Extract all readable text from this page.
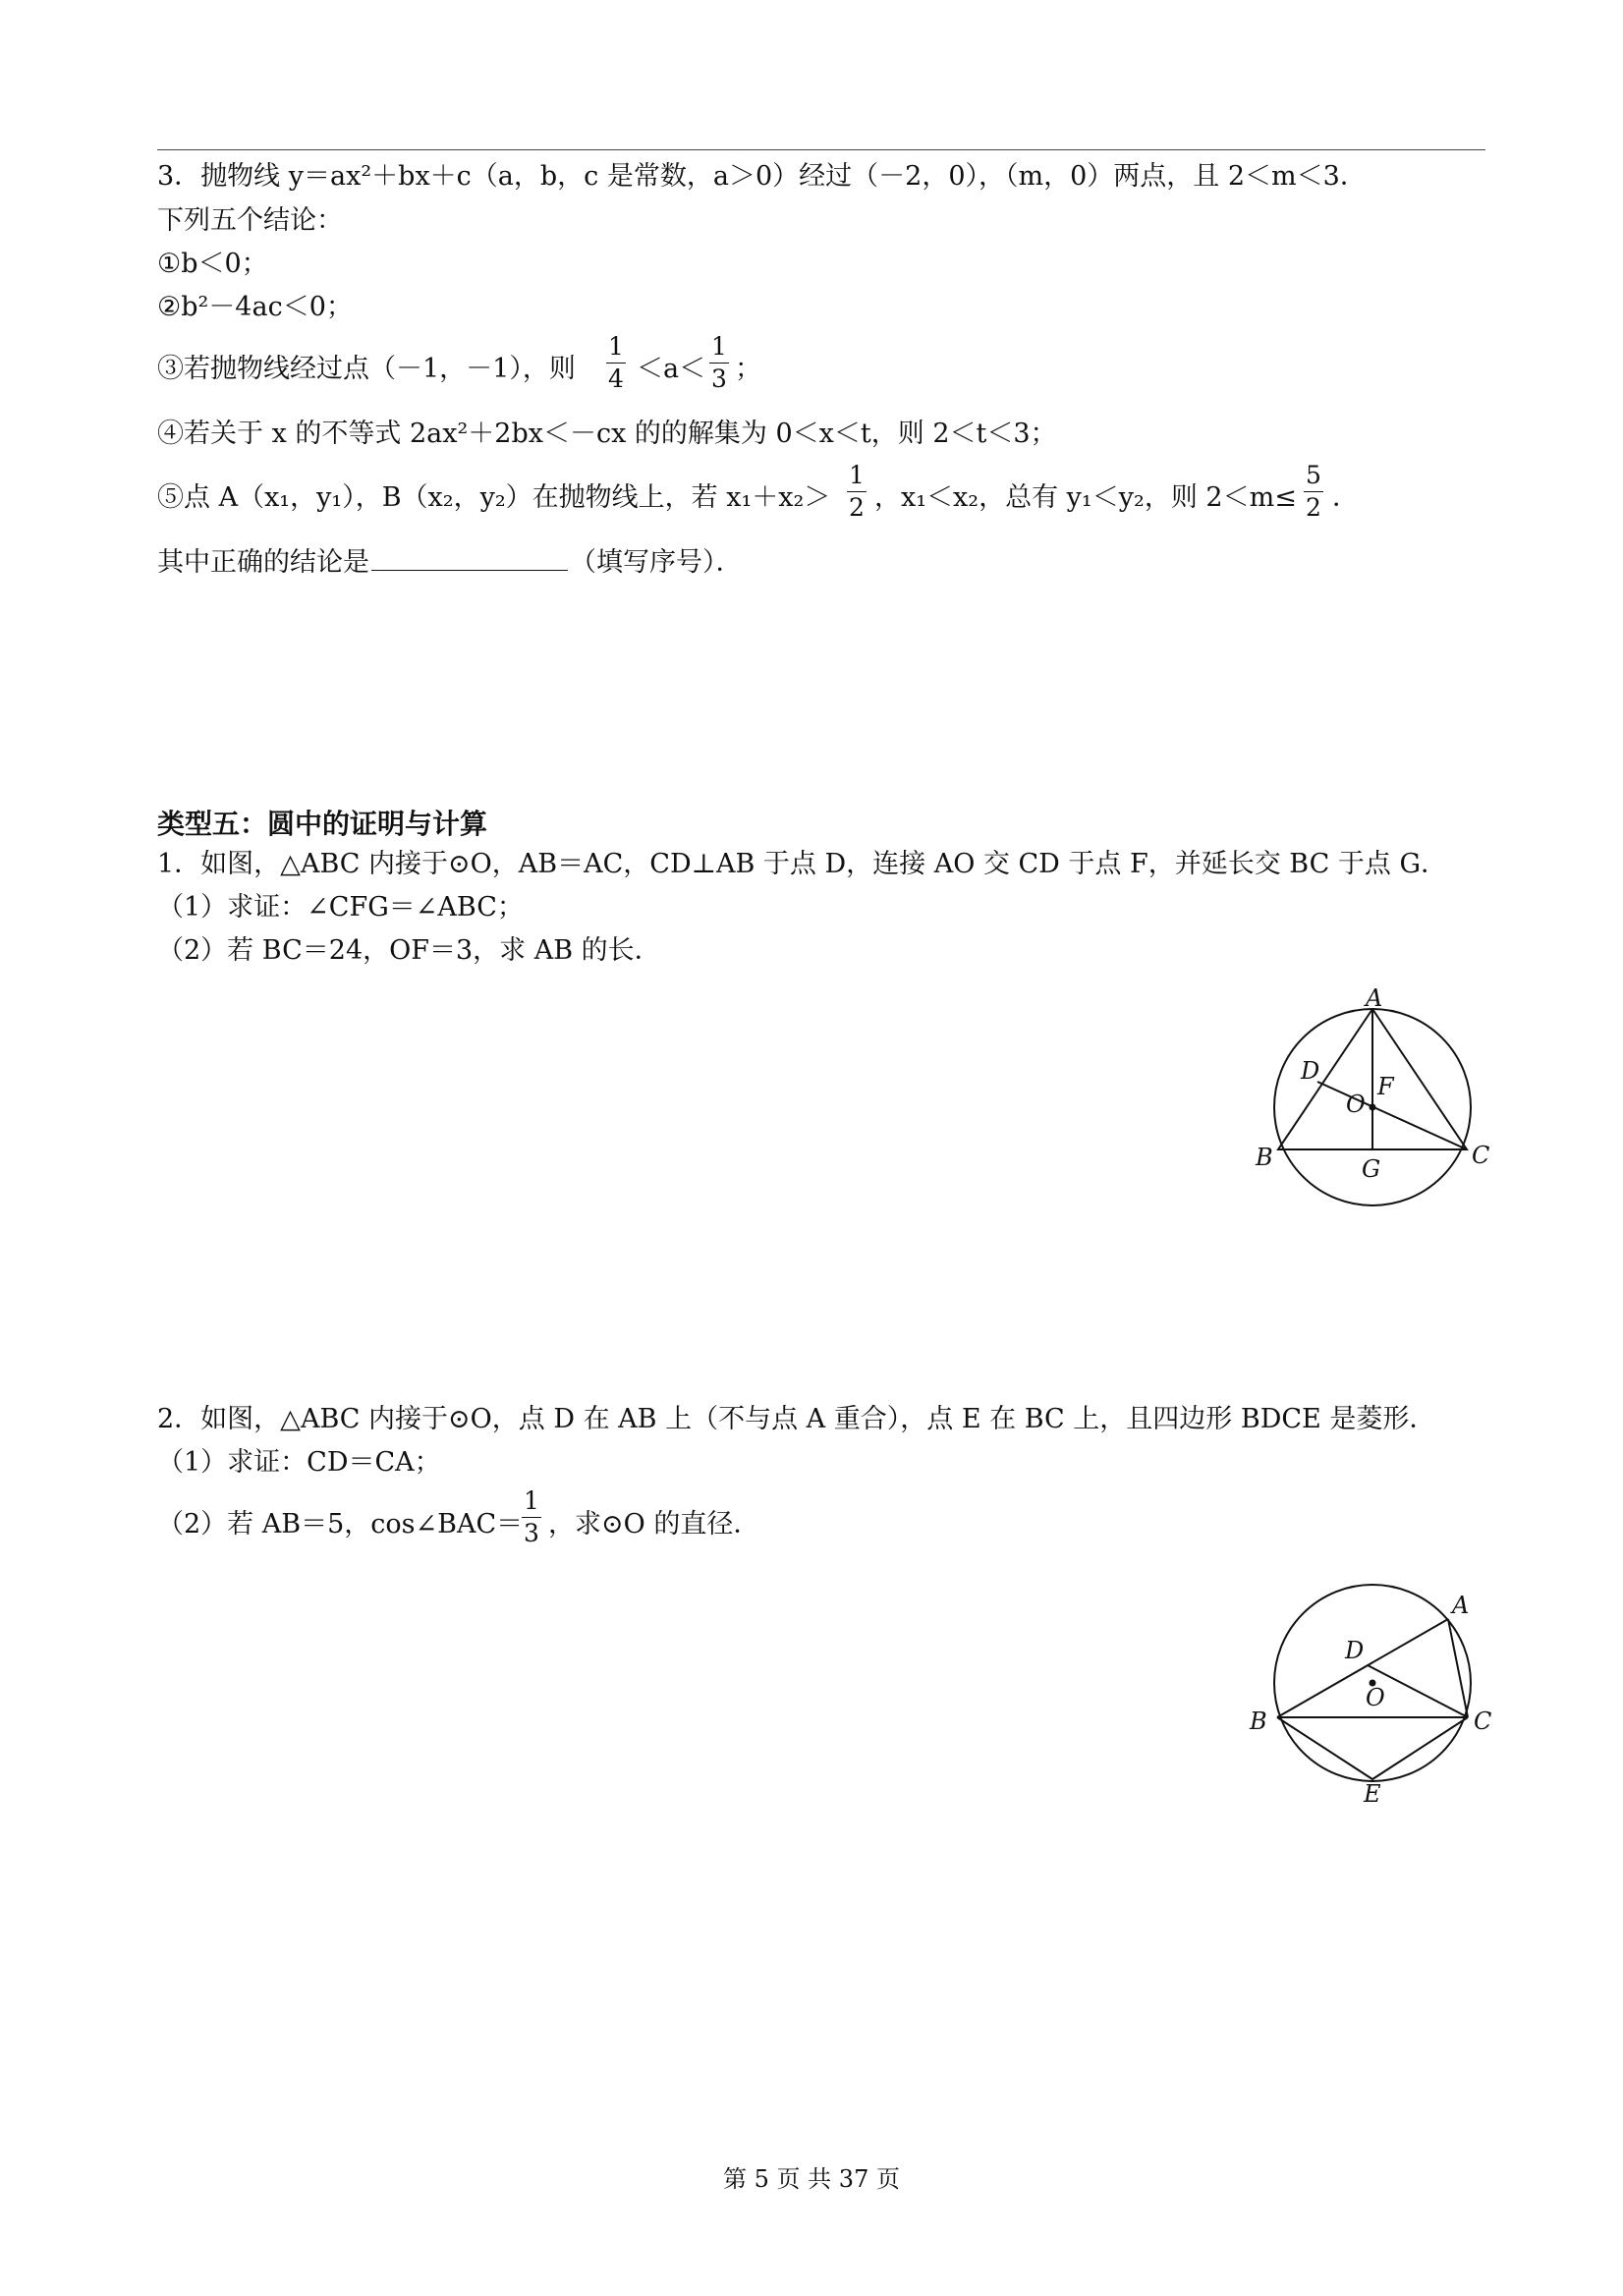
3．抛物线 y＝ax²＋bx＋c（a，b，c 是常数，a＞0）经过（－2，0），（m，0）两点，且 2＜m＜3．
下列五个结论：
①b＜0；
②b²－4ac＜0；
③若抛物线经过点（－1，－1），则
1
4 ＜a＜
1
3 ；
④若关于 x 的不等式 2ax²＋2bx＜－cx 的的解集为 0＜x＜t，则 2＜t＜3；
⑤点 A（x₁，y₁），B（x₂，y₂）在抛物线上，若 x₁＋x₂＞
1
2 ，x₁＜x₂，总有 y₁＜y₂，则 2＜m≤
5
2 ．
其中正确的结论是	（填写序号）．
类型五：圆中的证明与计算
1．如图，△ABC 内接于⊙O，AB＝AC，CD⊥AB 于点 D，连接 AO 交 CD 于点 F，并延长交 BC 于点 G．
（1）求证：∠CFG＝∠ABC；
（2）若 BC＝24，OF＝3，求 AB 的长．
A
B	C
D
F
O
G
2．如图，△ABC 内接于⊙O，点 D 在 AB 上（不与点 A 重合），点 E 在 BC 上，且四边形 BDCE 是菱形．
（1）求证：CD＝CA；
（2）若 AB＝5，cos∠BAC＝
1
3 ，求⊙O 的直径．
A
B	C
D
O
E
第 5 页 共 37 页
